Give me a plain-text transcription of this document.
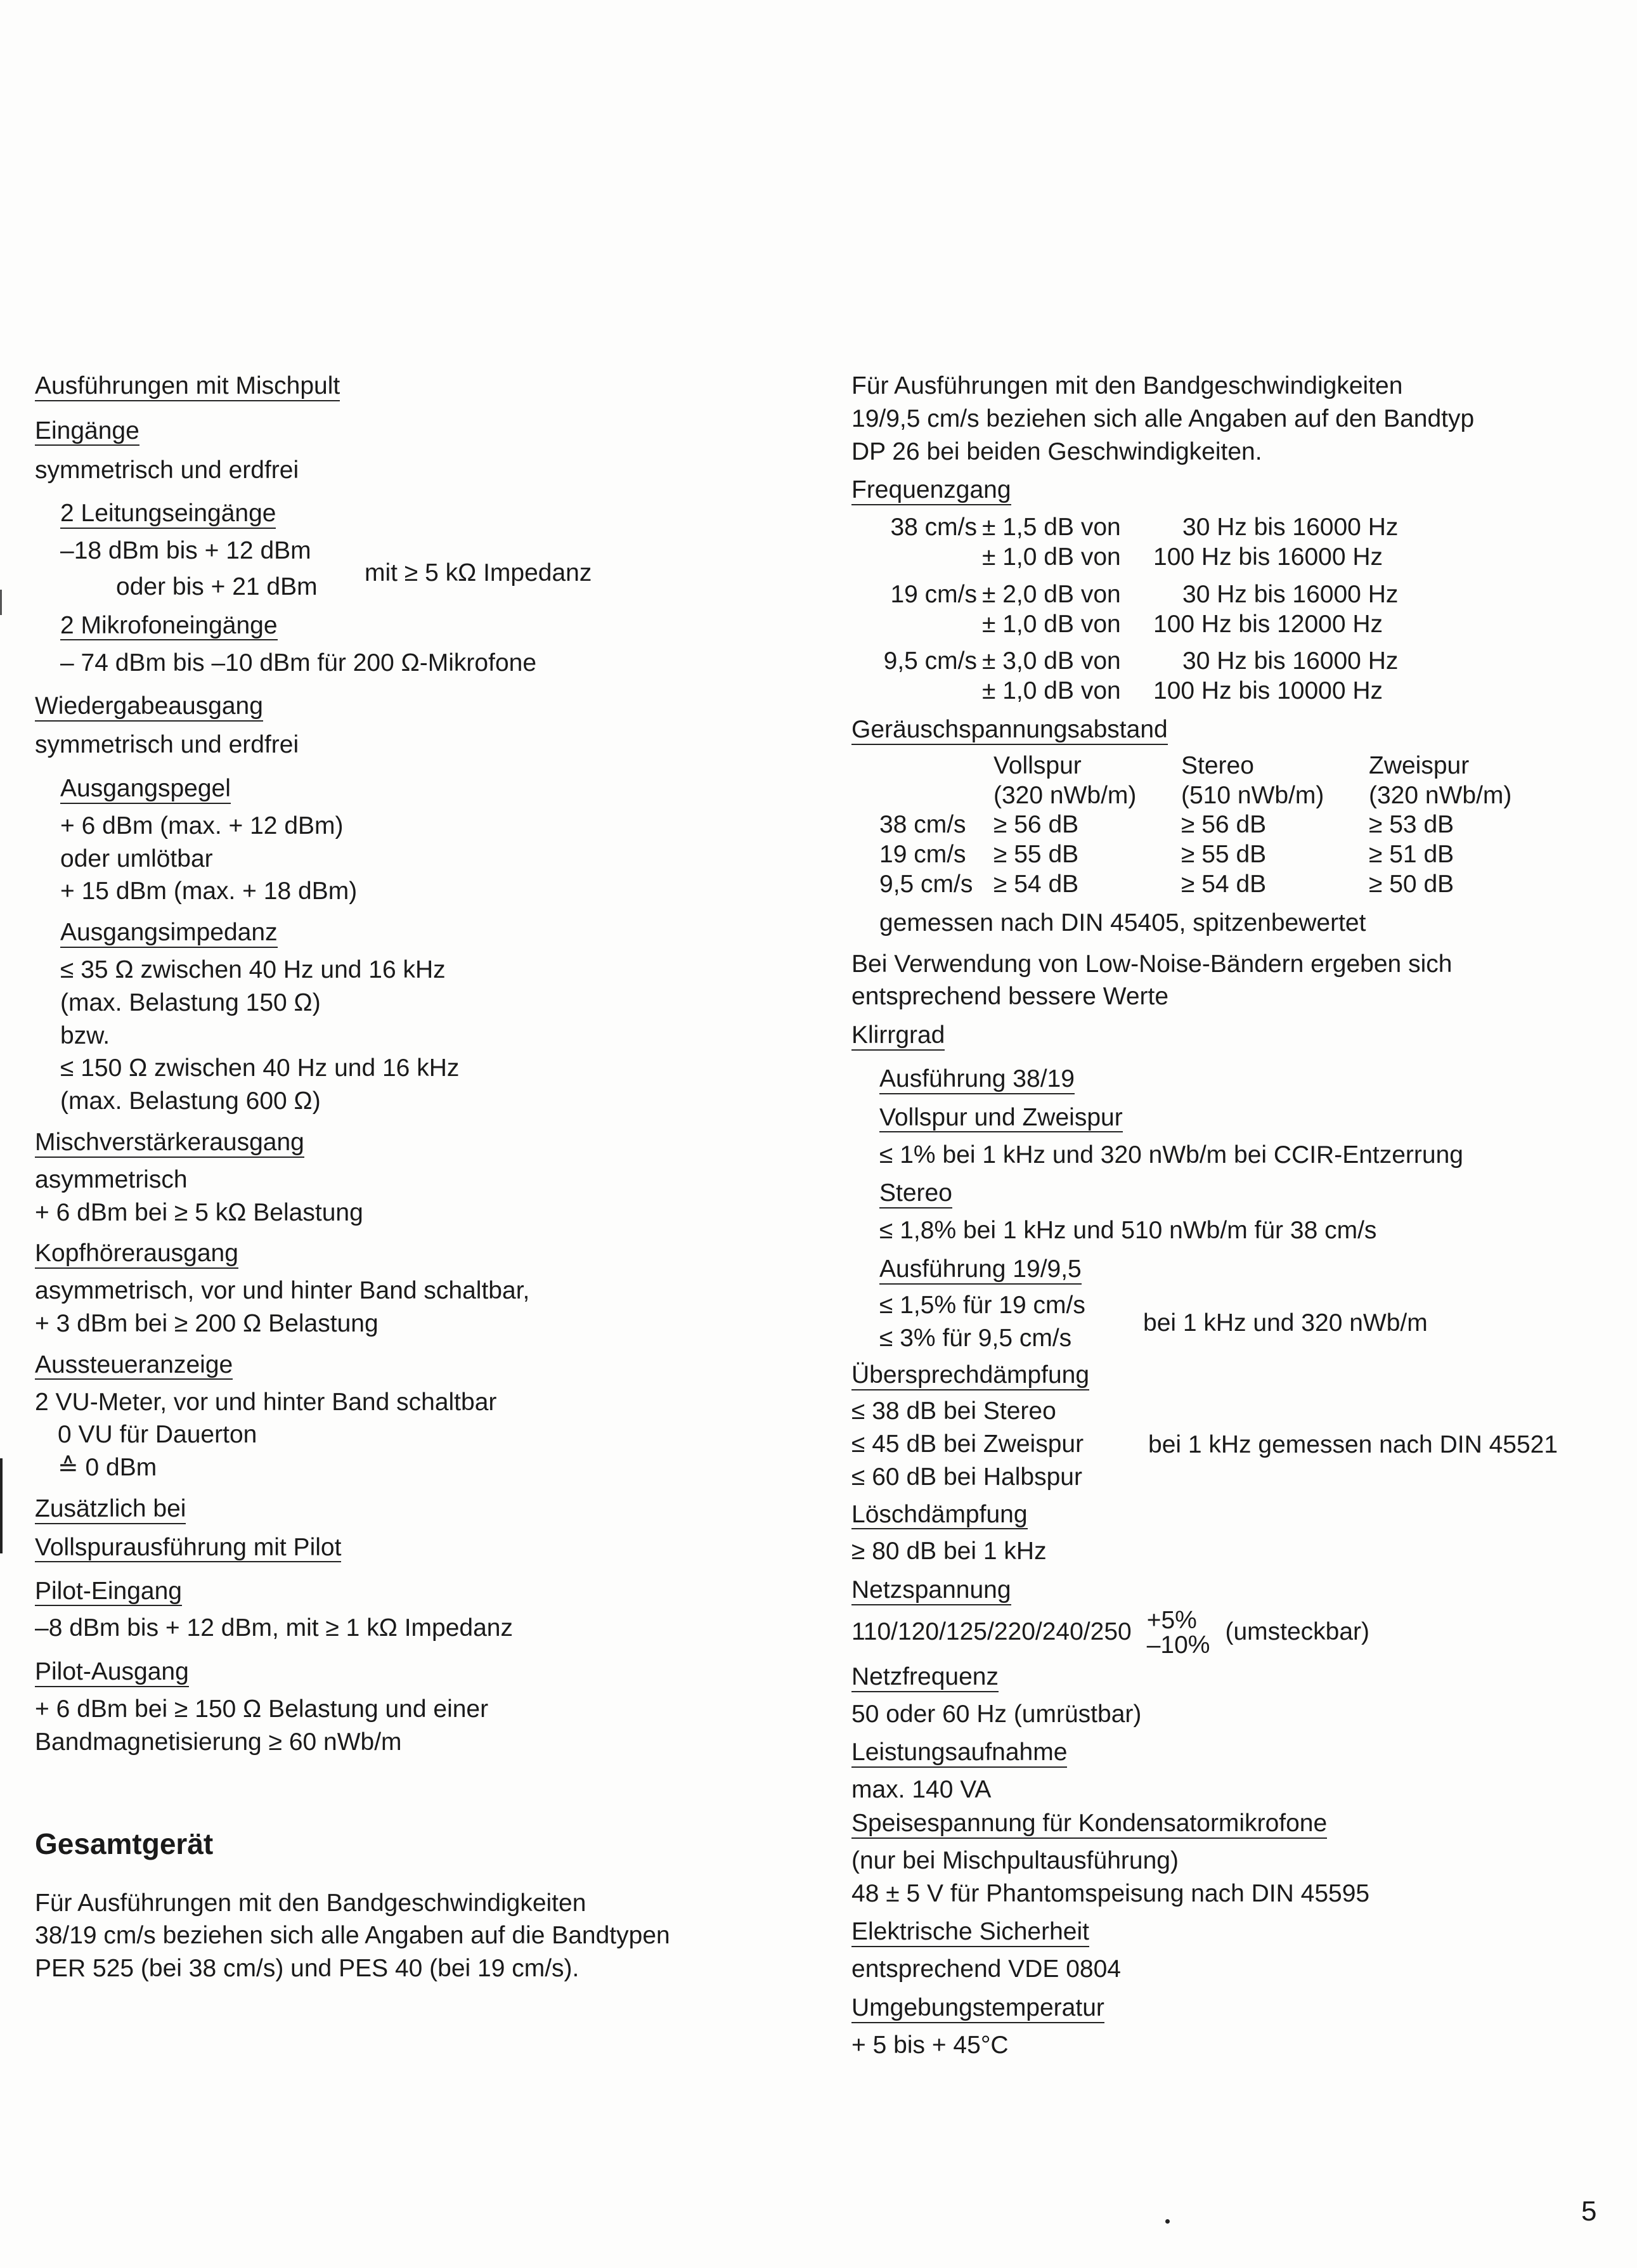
Ausführungen mit Mischpult
Eingänge
symmetrisch und erdfrei
2 Leitungseingänge
–18 dBm bis + 12 dBm
oder bis + 21 dBm
mit ≥ 5 kΩ Impedanz
2 Mikrofoneingänge
– 74 dBm bis –10 dBm für 200 Ω-Mikrofone
Wiedergabeausgang
symmetrisch und erdfrei
Ausgangspegel
+ 6 dBm (max. + 12 dBm)
oder umlötbar
+ 15 dBm (max. + 18 dBm)
Ausgangsimpedanz
≤ 35 Ω zwischen 40 Hz und 16 kHz
(max. Belastung 150 Ω)
bzw.
≤ 150 Ω zwischen 40 Hz und 16 kHz
(max. Belastung 600 Ω)
Mischverstärkerausgang
asymmetrisch
+ 6 dBm bei ≥ 5 kΩ Belastung
Kopfhörerausgang
asymmetrisch, vor und hinter Band schaltbar,
+ 3 dBm bei ≥ 200 Ω Belastung
Aussteueranzeige
2 VU-Meter, vor und hinter Band schaltbar
0 VU für Dauerton
≙ 0 dBm
Zusätzlich bei
Vollspurausführung mit Pilot
Pilot-Eingang
–8 dBm bis + 12 dBm, mit ≥ 1 kΩ Impedanz
Pilot-Ausgang
+ 6 dBm bei ≥ 150 Ω Belastung und einer
Bandmagnetisierung ≥ 60 nWb/m
Gesamtgerät
Für Ausführungen mit den Bandgeschwindigkeiten
38/19 cm/s beziehen sich alle Angaben auf die Bandtypen
PER 525 (bei 38 cm/s) und PES 40 (bei 19 cm/s).
Für Ausführungen mit den Bandgeschwindigkeiten
19/9,5 cm/s beziehen sich alle Angaben auf den Bandtyp
DP 26 bei beiden Geschwindigkeiten.
Frequenzgang
38 cm/s	± 1,5 dB von	30 Hz bis 16000 Hz
	± 1,0 dB von	100 Hz bis 16000 Hz
19 cm/s	± 2,0 dB von	30 Hz bis 16000 Hz
	± 1,0 dB von	100 Hz bis 12000 Hz
9,5 cm/s	± 3,0 dB von	30 Hz bis 16000 Hz
	± 1,0 dB von	100 Hz bis 10000 Hz
Geräuschspannungsabstand
	Vollspur	Stereo	Zweispur
	(320 nWb/m)	(510 nWb/m)	(320 nWb/m)
38 cm/s	≥ 56 dB	≥ 56 dB	≥ 53 dB
19 cm/s	≥ 55 dB	≥ 55 dB	≥ 51 dB
9,5 cm/s	≥ 54 dB	≥ 54 dB	≥ 50 dB
gemessen nach DIN 45405, spitzenbewertet
Bei Verwendung von Low-Noise-Bändern ergeben sich
entsprechend bessere Werte
Klirrgrad
Ausführung 38/19
Vollspur und Zweispur
≤ 1% bei 1 kHz und 320 nWb/m bei CCIR-Entzerrung
Stereo
≤ 1,8% bei 1 kHz und 510 nWb/m für 38 cm/s
Ausführung 19/9,5
≤ 1,5% für 19 cm/s
≤ 3% für 9,5 cm/s
bei 1 kHz und 320 nWb/m
Übersprechdämpfung
≤ 38 dB bei Stereo
≤ 45 dB bei Zweispur
≤ 60 dB bei Halbspur
bei 1 kHz gemessen nach DIN 45521
Löschdämpfung
≥ 80 dB bei 1 kHz
Netzspannung
110/120/125/220/240/250 +5%
–10% (umsteckbar)
Netzfrequenz
50 oder 60 Hz (umrüstbar)
Leistungsaufnahme
max. 140 VA
Speisespannung für Kondensatormikrofone
(nur bei Mischpultausführung)
48 ± 5 V für Phantomspeisung nach DIN 45595
Elektrische Sicherheit
entsprechend VDE 0804
Umgebungstemperatur
+ 5 bis + 45°C
5
